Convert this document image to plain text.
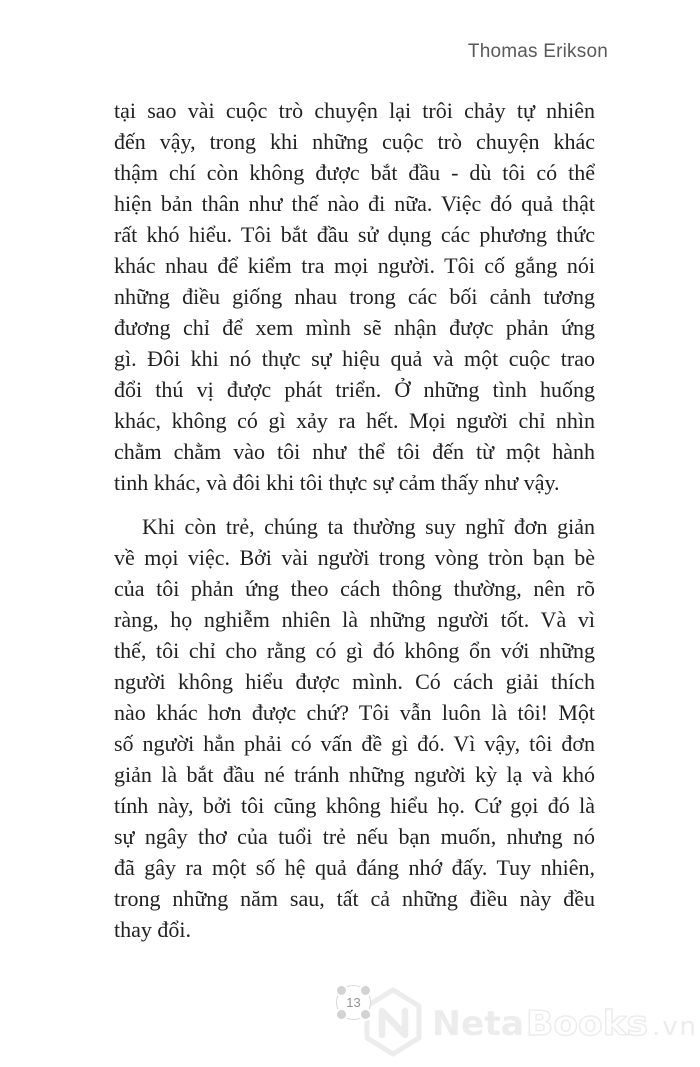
Thomas Erikson
tại sao vài cuộc trò chuyện lại trôi chảy tự nhiên
đến vậy, trong khi những cuộc trò chuyện khác
thậm chí còn không được bắt đầu - dù tôi có thể
hiện bản thân như thế nào đi nữa. Việc đó quả thật
rất khó hiểu. Tôi bắt đầu sử dụng các phương thức
khác nhau để kiểm tra mọi người. Tôi cố gắng nói
những điều giống nhau trong các bối cảnh tương
đương chỉ để xem mình sẽ nhận được phản ứng
gì. Đôi khi nó thực sự hiệu quả và một cuộc trao
đổi thú vị được phát triển. Ở những tình huống
khác, không có gì xảy ra hết. Mọi người chỉ nhìn
chằm chằm vào tôi như thể tôi đến từ một hành
tinh khác, và đôi khi tôi thực sự cảm thấy như vậy.
Khi còn trẻ, chúng ta thường suy nghĩ đơn giản
về mọi việc. Bởi vài người trong vòng tròn bạn bè
của tôi phản ứng theo cách thông thường, nên rõ
ràng, họ nghiễm nhiên là những người tốt. Và vì
thế, tôi chỉ cho rằng có gì đó không ổn với những
người không hiểu được mình. Có cách giải thích
nào khác hơn được chứ? Tôi vẫn luôn là tôi! Một
số người hẳn phải có vấn đề gì đó. Vì vậy, tôi đơn
giản là bắt đầu né tránh những người kỳ lạ và khó
tính này, bởi tôi cũng không hiểu họ. Cứ gọi đó là
sự ngây thơ của tuổi trẻ nếu bạn muốn, nhưng nó
đã gây ra một số hệ quả đáng nhớ đấy. Tuy nhiên,
trong những năm sau, tất cả những điều này đều
thay đổi.
Neta Books .vn
13
